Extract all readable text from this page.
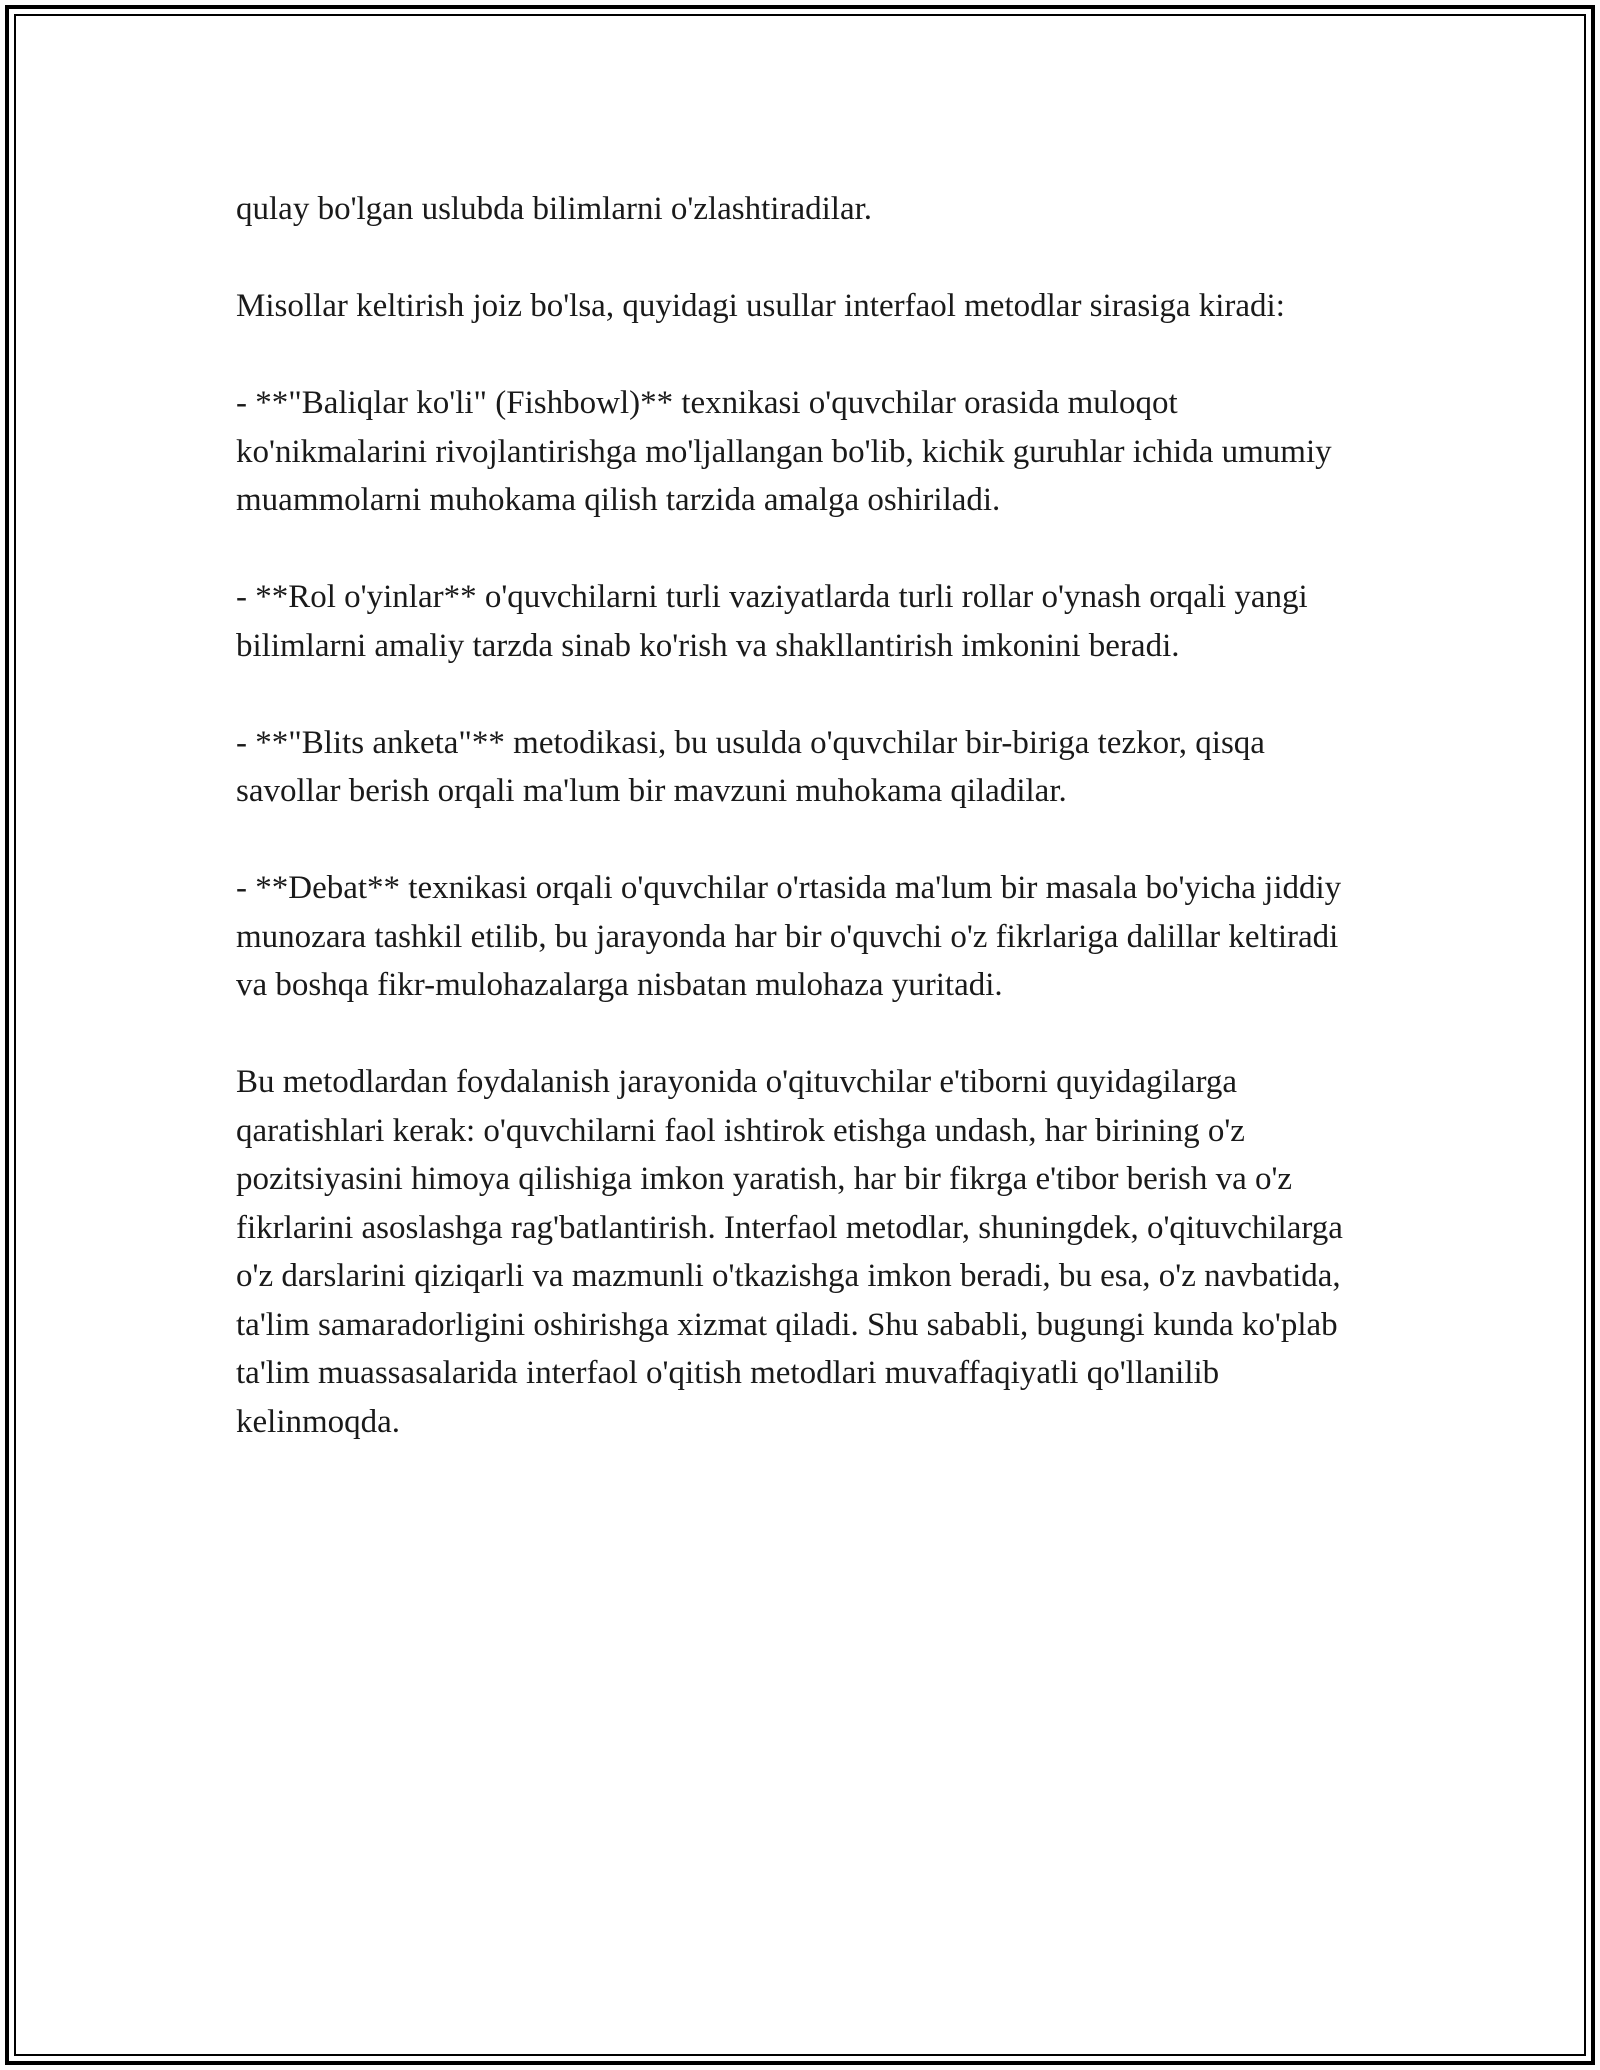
qulay bo'lgan uslubda bilimlarni o'zlashtiradilar.

Misollar keltirish joiz bo'lsa, quyidagi usullar interfaol metodlar sirasiga kiradi:

- **"Baliqlar ko'li" (Fishbowl)** texnikasi o'quvchilar orasida muloqot ko'nikmalarini rivojlantirishga mo'ljallangan bo'lib, kichik guruhlar ichida umumiy muammolarni muhokama qilish tarzida amalga oshiriladi.

- **Rol o'yinlar** o'quvchilarni turli vaziyatlarda turli rollar o'ynash orqali yangi bilimlarni amaliy tarzda sinab ko'rish va shakllantirish imkonini beradi.

- **"Blits anketa"** metodikasi, bu usulda o'quvchilar bir-biriga tezkor, qisqa savollar berish orqali ma'lum bir mavzuni muhokama qiladilar.

- **Debat** texnikasi orqali o'quvchilar o'rtasida ma'lum bir masala bo'yicha jiddiy munozara tashkil etilib, bu jarayonda har bir o'quvchi o'z fikrlariga dalillar keltiradi va boshqa fikr-mulohazalarga nisbatan mulohaza yuritadi.

Bu metodlardan foydalanish jarayonida o'qituvchilar e'tiborni quyidagilarga qaratishlari kerak: o'quvchilarni faol ishtirok etishga undash, har birining o'z pozitsiyasini himoya qilishiga imkon yaratish, har bir fikrga e'tibor berish va o'z fikrlarini asoslashga rag'batlantirish. Interfaol metodlar, shuningdek, o'qituvchilarga o'z darslarini qiziqarli va mazmunli o'tkazishga imkon beradi, bu esa, o'z navbatida, ta'lim samaradorligini oshirishga xizmat qiladi. Shu sababli, bugungi kunda ko'plab ta'lim muassasalarida interfaol o'qitish metodlari muvaffaqiyatli qo'llanilib kelinmoqda.
